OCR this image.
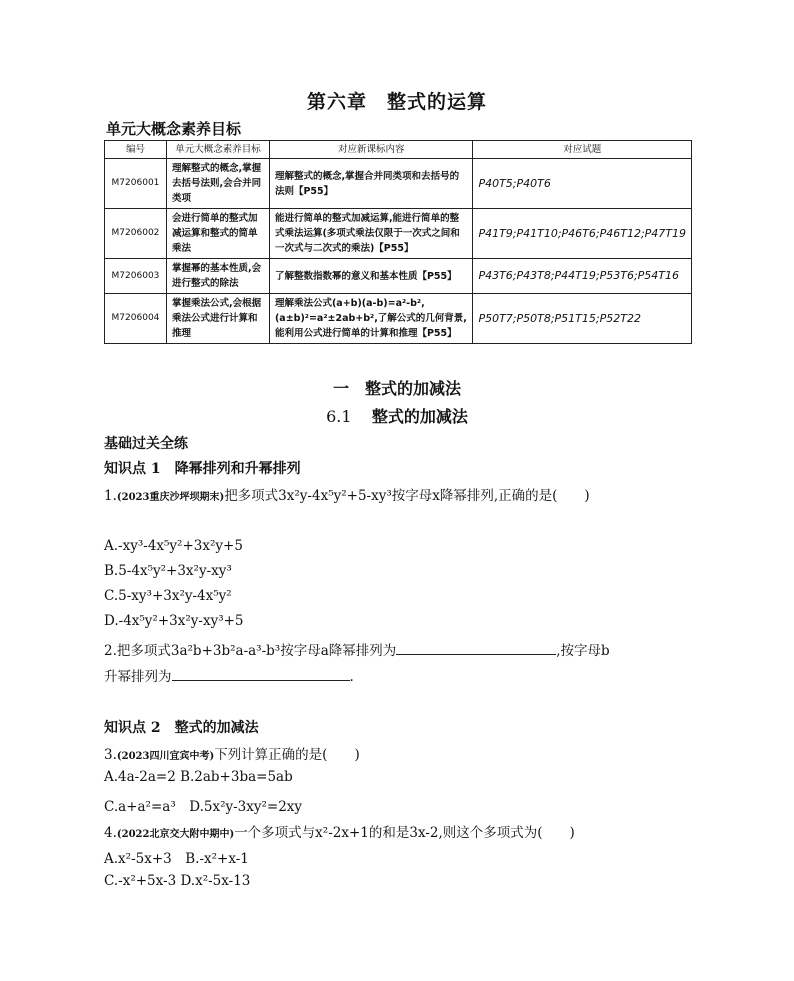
第六章　整式的运算
单元大概念素养目标
编号	单元大概念素养目标	对应新课标内容	对应试题
M7206001	理解整式的概念,掌握去括号法则,会合并同类项	理解整式的概念,掌握合并同类项和去括号的法则【P55】	P40T5;P40T6
M7206002	会进行简单的整式加减运算和整式的简单乘法	能进行简单的整式加减运算,能进行简单的整式乘法运算(多项式乘法仅限于一次式之间和一次式与二次式的乘法)【P55】	P41T9;P41T10;P46T6;P46T12;P47T19
M7206003	掌握幂的基本性质,会进行整式的除法	了解整数指数幂的意义和基本性质【P55】	P43T6;P43T8;P44T19;P53T6;P54T16
M7206004	掌握乘法公式,会根据乘法公式进行计算和推理	理解乘法公式(a+b)(a-b)=a²-b²,(a±b)²=a²±2ab+b²,了解公式的几何背景,能利用公式进行简单的计算和推理【P55】	P50T7;P50T8;P51T15;P52T22
一　整式的加减法
6.1 整式的加减法
基础过关全练
知识点 1　降幂排列和升幂排列
1.(2023重庆沙坪坝期末)把多项式3x²y-4x⁵y²+5-xy³按字母x降幂排列,正确的是(　　)
A.-xy³-4x⁵y²+3x²y+5
B.5-4x⁵y²+3x²y-xy³
C.5-xy³+3x²y-4x⁵y²
D.-4x⁵y²+3x²y-xy³+5
2.把多项式3a²b+3b²a-a³-b³按字母a降幂排列为	,按字母b
升幂排列为	.
知识点 2　整式的加减法
3.(2023四川宜宾中考)下列计算正确的是(　　)
A.4a-2a=2 B.2ab+3ba=5ab
C.a+a²=a³　D.5x²y-3xy²=2xy
4.(2022北京交大附中期中)一个多项式与x²-2x+1的和是3x-2,则这个多项式为(　　)
A.x²-5x+3　B.-x²+x-1
C.-x²+5x-3 D.x²-5x-13
